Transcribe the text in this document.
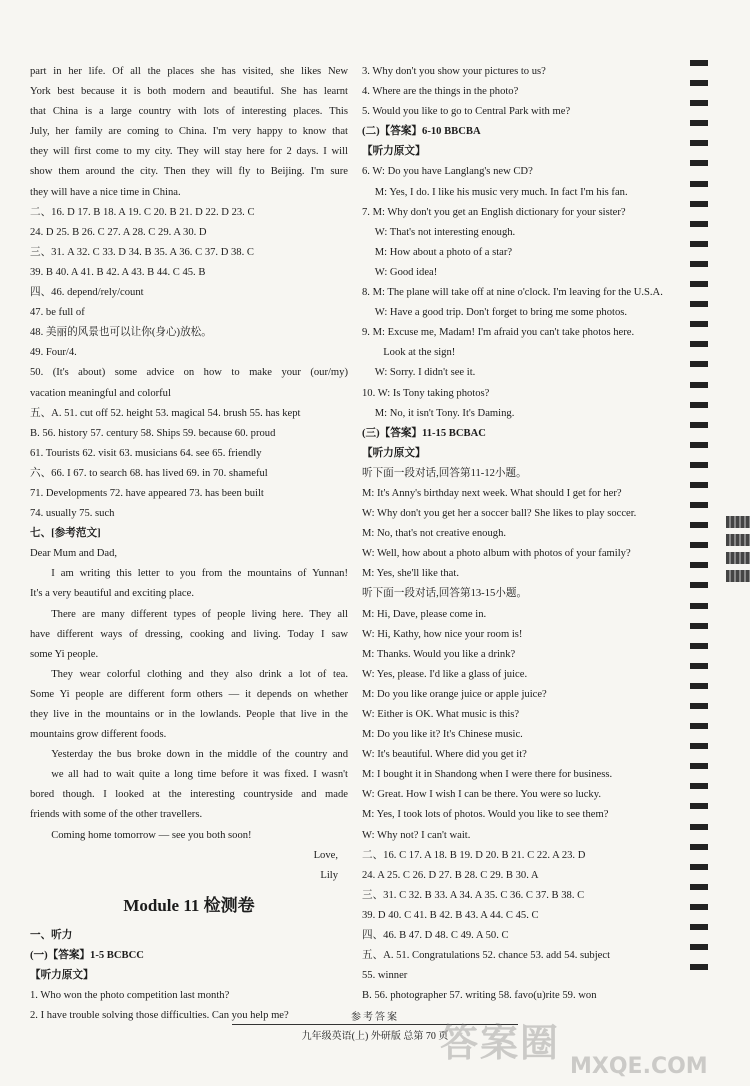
part in her life. Of all the places she has visited, she likes New
York best because it is both modern and beautiful. She has learnt
that China is a large country with lots of interesting places. This
July, her family are coming to China. I'm very happy to know that
they will first come to my city. They will stay here for 2 days. I will
show them around the city. Then they will fly to Beijing. I'm sure
they will have a nice time in China.
二、16. D 17. B 18. A 19. C 20. B 21. D 22. D 23. C
24. D 25. B 26. C 27. A 28. C 29. A 30. D
三、31. A 32. C 33. D 34. B 35. A 36. C 37. D 38. C
39. B 40. A 41. B 42. A 43. B 44. C 45. B
四、46. depend/rely/count
47. be full of
48. 美丽的风景也可以让你(身心)放松。
49. Four/4.
50. (It's about) some advice on how to make your (our/my)
vacation meaningful and colorful
五、A. 51. cut off 52. height 53. magical 54. brush 55. has kept
B. 56. history 57. century 58. Ships 59. because 60. proud
61. Tourists 62. visit 63. musicians 64. see 65. friendly
六、66. I 67. to search 68. has lived 69. in 70. shameful
71. Developments 72. have appeared 73. has been built
74. usually 75. such
七、[参考范文]
Dear Mum and Dad,
I am writing this letter to you from the mountains of Yunnan!
It's a very beautiful and exciting place.
There are many different types of people living here. They all
have different ways of dressing, cooking and living. Today I saw
some Yi people.
They wear colorful clothing and they also drink a lot of tea.
Some Yi people are different form others — it depends on whether
they live in the mountains or in the lowlands. People that live in the
mountains grow different foods.
Yesterday the bus broke down in the middle of the country and
we all had to wait quite a long time before it was fixed. I wasn't
bored though. I looked at the interesting countryside and made
friends with some of the other travellers.
Coming home tomorrow — see you both soon!
Love,
Lily
Module 11 检测卷
一、听力
(一)【答案】1-5 BCBCC
【听力原文】
1. Who won the photo competition last month?
2. I have trouble solving those difficulties. Can you help me?
3. Why don't you show your pictures to us?
4. Where are the things in the photo?
5. Would you like to go to Central Park with me?
(二)【答案】6-10 BBCBA
【听力原文】
6. W: Do you have Langlang's new CD?
M: Yes, I do. I like his music very much. In fact I'm his fan.
7. M: Why don't you get an English dictionary for your sister?
W: That's not interesting enough.
M: How about a photo of a star?
W: Good idea!
8. M: The plane will take off at nine o'clock. I'm leaving for the U.S.A.
W: Have a good trip. Don't forget to bring me some photos.
9. M: Excuse me, Madam! I'm afraid you can't take photos here.
Look at the sign!
W: Sorry. I didn't see it.
10. W: Is Tony taking photos?
M: No, it isn't Tony. It's Daming.
(三)【答案】11-15 BCBAC
【听力原文】
听下面一段对话,回答第11-12小题。
M: It's Anny's birthday next week. What should I get for her?
W: Why don't you get her a soccer ball? She likes to play soccer.
M: No, that's not creative enough.
W: Well, how about a photo album with photos of your family?
M: Yes, she'll like that.
听下面一段对话,回答第13-15小题。
M: Hi, Dave, please come in.
W: Hi, Kathy, how nice your room is!
M: Thanks. Would you like a drink?
W: Yes, please. I'd like a glass of juice.
M: Do you like orange juice or apple juice?
W: Either is OK. What music is this?
M: Do you like it? It's Chinese music.
W: It's beautiful. Where did you get it?
M: I bought it in Shandong when I were there for business.
W: Great. How I wish I can be there. You were so lucky.
M: Yes, I took lots of photos. Would you like to see them?
W: Why not? I can't wait.
二、16. C 17. A 18. B 19. D 20. B 21. C 22. A 23. D
24. A 25. C 26. D 27. B 28. C 29. B 30. A
三、31. C 32. B 33. A 34. A 35. C 36. C 37. B 38. C
39. D 40. C 41. B 42. B 43. A 44. C 45. C
四、46. B 47. D 48. C 49. A 50. C
五、A. 51. Congratulations 52. chance 53. add 54. subject
55. winner
B. 56. photographer 57. writing 58. favo(u)rite 59. won
参考答案
九年级英语(上) 外研版 总第 70 页
答案圈
MXQE.COM
